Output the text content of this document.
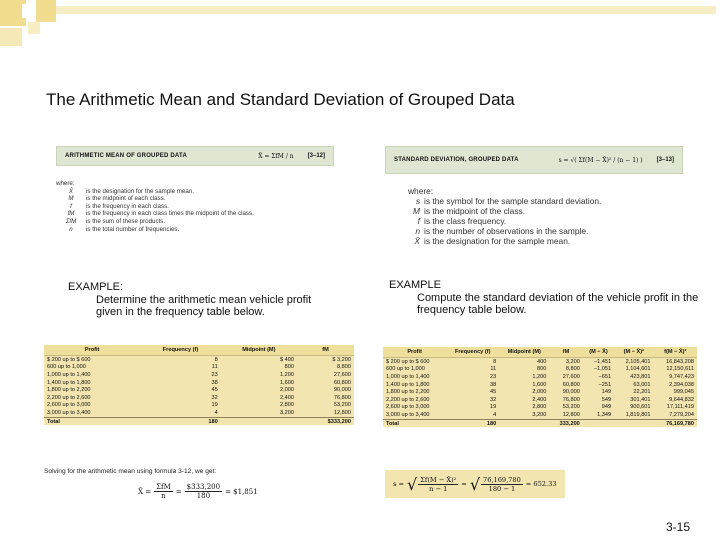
The Arithmetic Mean and Standard Deviation of Grouped Data
ARITHMETIC MEAN OF GROUPED DATA	X̄ = ΣfM / n [3–12]
where:
X̄	is the designation for the sample mean.
M	is the midpoint of each class.
f	is the frequency in each class.
fM	is the frequency in each class times the midpoint of the class.
ΣfM	is the sum of these products.
n	is the total number of frequencies.
STANDARD DEVIATION, GROUPED DATA	s = √( Σf(M − X̄)² / (n − 1) ) [3–13]
where:
s is the symbol for the sample standard deviation.
M is the midpoint of the class.
f is the class frequency.
n is the number of observations in the sample.
X̄ is the designation for the sample mean.
EXAMPLE:
Determine the arithmetic mean vehicle profit given in the frequency table below.
EXAMPLE
Compute the standard deviation of the vehicle profit in the frequency table below.
Profit	Frequency (f)	Midpoint (M)	fM
$ 200 up to $ 600	8	$ 400	$ 3,200
600 up to 1,000	11	800	8,800
1,000 up to 1,400	23	1,200	27,600
1,400 up to 1,800	38	1,600	60,800
1,800 up to 2,200	45	2,000	90,000
2,200 up to 2,600	32	2,400	76,800
2,600 up to 3,000	19	2,800	53,200
3,000 up to 3,400	4	3,200	12,800
Total	180		$333,200
Solving for the arithmetic mean using formula 3-12, we get:
X̄ = $\frac{\text{ΣfM}}{n} = \frac{\$333,200}{180}$ = $1,851
Profit	Frequency (f)	Midpoint (M)	fM	(M − X̄)	(M − X̄)²	f(M − X̄)²
$ 200 up to $ 600	8	400	3,200	−1,451	2,105,401	16,843,208
600 up to 1,000	11	800	8,800	−1,051	1,104,601	12,150,611
1,000 up to 1,400	23	1,200	27,600	−651	423,801	9,747,423
1,400 up to 1,800	38	1,600	60,800	−251	63,001	2,394,038
1,800 up to 2,200	45	2,000	90,000	149	22,201	999,045
2,200 up to 2,600	32	2,400	76,800	549	301,401	9,644,832
2,600 up to 3,000	19	2,800	53,200	949	900,601	17,111,419
3,000 up to 3,400	4	3,200	12,800	1,349	1,819,801	7,279,204
Total	180		333,200			76,169,780
s = √ $\frac{\text{Σf(M − X̄)²}}{n - 1}$ = √ $\frac{76,169,780}{180 - 1} = 652.33$
3-15
